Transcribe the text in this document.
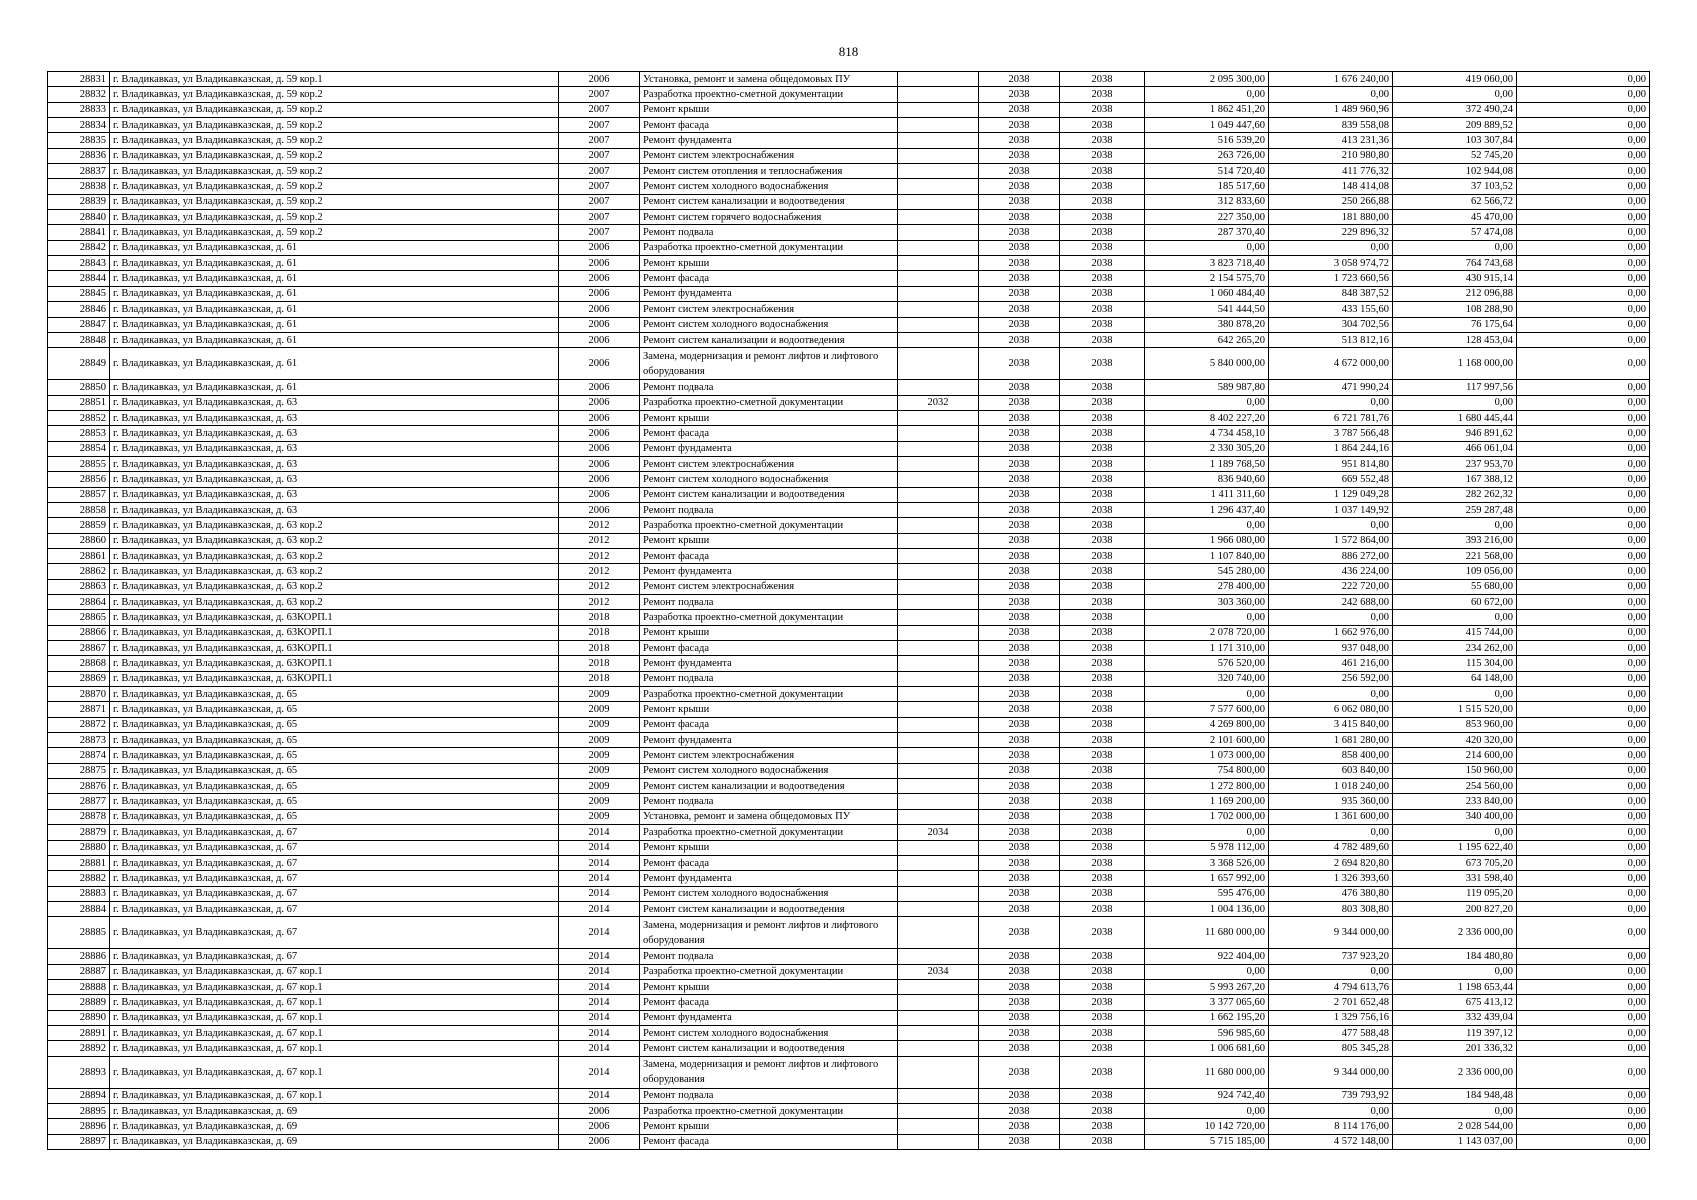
818
28831	г. Владикавказ, ул Владикавказская, д. 59 кор.1	2006	Установка, ремонт и замена общедомовых ПУ		2038	2038	2 095 300,00	1 676 240,00	419 060,00	0,00
28832	г. Владикавказ, ул Владикавказская, д. 59 кор.2	2007	Разработка проектно-сметной документации		2038	2038	0,00	0,00	0,00	0,00
28833	г. Владикавказ, ул Владикавказская, д. 59 кор.2	2007	Ремонт крыши		2038	2038	1 862 451,20	1 489 960,96	372 490,24	0,00
28834	г. Владикавказ, ул Владикавказская, д. 59 кор.2	2007	Ремонт фасада		2038	2038	1 049 447,60	839 558,08	209 889,52	0,00
28835	г. Владикавказ, ул Владикавказская, д. 59 кор.2	2007	Ремонт фундамента		2038	2038	516 539,20	413 231,36	103 307,84	0,00
28836	г. Владикавказ, ул Владикавказская, д. 59 кор.2	2007	Ремонт систем электроснабжения		2038	2038	263 726,00	210 980,80	52 745,20	0,00
28837	г. Владикавказ, ул Владикавказская, д. 59 кор.2	2007	Ремонт систем отопления и теплоснабжения		2038	2038	514 720,40	411 776,32	102 944,08	0,00
28838	г. Владикавказ, ул Владикавказская, д. 59 кор.2	2007	Ремонт систем холодного водоснабжения		2038	2038	185 517,60	148 414,08	37 103,52	0,00
28839	г. Владикавказ, ул Владикавказская, д. 59 кор.2	2007	Ремонт систем канализации и водоотведения		2038	2038	312 833,60	250 266,88	62 566,72	0,00
28840	г. Владикавказ, ул Владикавказская, д. 59 кор.2	2007	Ремонт систем горячего водоснабжения		2038	2038	227 350,00	181 880,00	45 470,00	0,00
28841	г. Владикавказ, ул Владикавказская, д. 59 кор.2	2007	Ремонт подвала		2038	2038	287 370,40	229 896,32	57 474,08	0,00
28842	г. Владикавказ, ул Владикавказская, д. 61	2006	Разработка проектно-сметной документации		2038	2038	0,00	0,00	0,00	0,00
28843	г. Владикавказ, ул Владикавказская, д. 61	2006	Ремонт крыши		2038	2038	3 823 718,40	3 058 974,72	764 743,68	0,00
28844	г. Владикавказ, ул Владикавказская, д. 61	2006	Ремонт фасада		2038	2038	2 154 575,70	1 723 660,56	430 915,14	0,00
28845	г. Владикавказ, ул Владикавказская, д. 61	2006	Ремонт фундамента		2038	2038	1 060 484,40	848 387,52	212 096,88	0,00
28846	г. Владикавказ, ул Владикавказская, д. 61	2006	Ремонт систем электроснабжения		2038	2038	541 444,50	433 155,60	108 288,90	0,00
28847	г. Владикавказ, ул Владикавказская, д. 61	2006	Ремонт систем холодного водоснабжения		2038	2038	380 878,20	304 702,56	76 175,64	0,00
28848	г. Владикавказ, ул Владикавказская, д. 61	2006	Ремонт систем канализации и водоотведения		2038	2038	642 265,20	513 812,16	128 453,04	0,00
28849	г. Владикавказ, ул Владикавказская, д. 61	2006	Замена, модернизация и ремонт лифтов и лифтового оборудования		2038	2038	5 840 000,00	4 672 000,00	1 168 000,00	0,00
28850	г. Владикавказ, ул Владикавказская, д. 61	2006	Ремонт подвала		2038	2038	589 987,80	471 990,24	117 997,56	0,00
28851	г. Владикавказ, ул Владикавказская, д. 63	2006	Разработка проектно-сметной документации	2032	2038	2038	0,00	0,00	0,00	0,00
28852	г. Владикавказ, ул Владикавказская, д. 63	2006	Ремонт крыши		2038	2038	8 402 227,20	6 721 781,76	1 680 445,44	0,00
28853	г. Владикавказ, ул Владикавказская, д. 63	2006	Ремонт фасада		2038	2038	4 734 458,10	3 787 566,48	946 891,62	0,00
28854	г. Владикавказ, ул Владикавказская, д. 63	2006	Ремонт фундамента		2038	2038	2 330 305,20	1 864 244,16	466 061,04	0,00
28855	г. Владикавказ, ул Владикавказская, д. 63	2006	Ремонт систем электроснабжения		2038	2038	1 189 768,50	951 814,80	237 953,70	0,00
28856	г. Владикавказ, ул Владикавказская, д. 63	2006	Ремонт систем холодного водоснабжения		2038	2038	836 940,60	669 552,48	167 388,12	0,00
28857	г. Владикавказ, ул Владикавказская, д. 63	2006	Ремонт систем канализации и водоотведения		2038	2038	1 411 311,60	1 129 049,28	282 262,32	0,00
28858	г. Владикавказ, ул Владикавказская, д. 63	2006	Ремонт подвала		2038	2038	1 296 437,40	1 037 149,92	259 287,48	0,00
28859	г. Владикавказ, ул Владикавказская, д. 63 кор.2	2012	Разработка проектно-сметной документации		2038	2038	0,00	0,00	0,00	0,00
28860	г. Владикавказ, ул Владикавказская, д. 63 кор.2	2012	Ремонт крыши		2038	2038	1 966 080,00	1 572 864,00	393 216,00	0,00
28861	г. Владикавказ, ул Владикавказская, д. 63 кор.2	2012	Ремонт фасада		2038	2038	1 107 840,00	886 272,00	221 568,00	0,00
28862	г. Владикавказ, ул Владикавказская, д. 63 кор.2	2012	Ремонт фундамента		2038	2038	545 280,00	436 224,00	109 056,00	0,00
28863	г. Владикавказ, ул Владикавказская, д. 63 кор.2	2012	Ремонт систем электроснабжения		2038	2038	278 400,00	222 720,00	55 680,00	0,00
28864	г. Владикавказ, ул Владикавказская, д. 63 кор.2	2012	Ремонт подвала		2038	2038	303 360,00	242 688,00	60 672,00	0,00
28865	г. Владикавказ, ул Владикавказская, д. 63КОРП.1	2018	Разработка проектно-сметной документации		2038	2038	0,00	0,00	0,00	0,00
28866	г. Владикавказ, ул Владикавказская, д. 63КОРП.1	2018	Ремонт крыши		2038	2038	2 078 720,00	1 662 976,00	415 744,00	0,00
28867	г. Владикавказ, ул Владикавказская, д. 63КОРП.1	2018	Ремонт фасада		2038	2038	1 171 310,00	937 048,00	234 262,00	0,00
28868	г. Владикавказ, ул Владикавказская, д. 63КОРП.1	2018	Ремонт фундамента		2038	2038	576 520,00	461 216,00	115 304,00	0,00
28869	г. Владикавказ, ул Владикавказская, д. 63КОРП.1	2018	Ремонт подвала		2038	2038	320 740,00	256 592,00	64 148,00	0,00
28870	г. Владикавказ, ул Владикавказская, д. 65	2009	Разработка проектно-сметной документации		2038	2038	0,00	0,00	0,00	0,00
28871	г. Владикавказ, ул Владикавказская, д. 65	2009	Ремонт крыши		2038	2038	7 577 600,00	6 062 080,00	1 515 520,00	0,00
28872	г. Владикавказ, ул Владикавказская, д. 65	2009	Ремонт фасада		2038	2038	4 269 800,00	3 415 840,00	853 960,00	0,00
28873	г. Владикавказ, ул Владикавказская, д. 65	2009	Ремонт фундамента		2038	2038	2 101 600,00	1 681 280,00	420 320,00	0,00
28874	г. Владикавказ, ул Владикавказская, д. 65	2009	Ремонт систем электроснабжения		2038	2038	1 073 000,00	858 400,00	214 600,00	0,00
28875	г. Владикавказ, ул Владикавказская, д. 65	2009	Ремонт систем холодного водоснабжения		2038	2038	754 800,00	603 840,00	150 960,00	0,00
28876	г. Владикавказ, ул Владикавказская, д. 65	2009	Ремонт систем канализации и водоотведения		2038	2038	1 272 800,00	1 018 240,00	254 560,00	0,00
28877	г. Владикавказ, ул Владикавказская, д. 65	2009	Ремонт подвала		2038	2038	1 169 200,00	935 360,00	233 840,00	0,00
28878	г. Владикавказ, ул Владикавказская, д. 65	2009	Установка, ремонт и замена общедомовых ПУ		2038	2038	1 702 000,00	1 361 600,00	340 400,00	0,00
28879	г. Владикавказ, ул Владикавказская, д. 67	2014	Разработка проектно-сметной документации	2034	2038	2038	0,00	0,00	0,00	0,00
28880	г. Владикавказ, ул Владикавказская, д. 67	2014	Ремонт крыши		2038	2038	5 978 112,00	4 782 489,60	1 195 622,40	0,00
28881	г. Владикавказ, ул Владикавказская, д. 67	2014	Ремонт фасада		2038	2038	3 368 526,00	2 694 820,80	673 705,20	0,00
28882	г. Владикавказ, ул Владикавказская, д. 67	2014	Ремонт фундамента		2038	2038	1 657 992,00	1 326 393,60	331 598,40	0,00
28883	г. Владикавказ, ул Владикавказская, д. 67	2014	Ремонт систем холодного водоснабжения		2038	2038	595 476,00	476 380,80	119 095,20	0,00
28884	г. Владикавказ, ул Владикавказская, д. 67	2014	Ремонт систем канализации и водоотведения		2038	2038	1 004 136,00	803 308,80	200 827,20	0,00
28885	г. Владикавказ, ул Владикавказская, д. 67	2014	Замена, модернизация и ремонт лифтов и лифтового оборудования		2038	2038	11 680 000,00	9 344 000,00	2 336 000,00	0,00
28886	г. Владикавказ, ул Владикавказская, д. 67	2014	Ремонт подвала		2038	2038	922 404,00	737 923,20	184 480,80	0,00
28887	г. Владикавказ, ул Владикавказская, д. 67 кор.1	2014	Разработка проектно-сметной документации	2034	2038	2038	0,00	0,00	0,00	0,00
28888	г. Владикавказ, ул Владикавказская, д. 67 кор.1	2014	Ремонт крыши		2038	2038	5 993 267,20	4 794 613,76	1 198 653,44	0,00
28889	г. Владикавказ, ул Владикавказская, д. 67 кор.1	2014	Ремонт фасада		2038	2038	3 377 065,60	2 701 652,48	675 413,12	0,00
28890	г. Владикавказ, ул Владикавказская, д. 67 кор.1	2014	Ремонт фундамента		2038	2038	1 662 195,20	1 329 756,16	332 439,04	0,00
28891	г. Владикавказ, ул Владикавказская, д. 67 кор.1	2014	Ремонт систем холодного водоснабжения		2038	2038	596 985,60	477 588,48	119 397,12	0,00
28892	г. Владикавказ, ул Владикавказская, д. 67 кор.1	2014	Ремонт систем канализации и водоотведения		2038	2038	1 006 681,60	805 345,28	201 336,32	0,00
28893	г. Владикавказ, ул Владикавказская, д. 67 кор.1	2014	Замена, модернизация и ремонт лифтов и лифтового оборудования		2038	2038	11 680 000,00	9 344 000,00	2 336 000,00	0,00
28894	г. Владикавказ, ул Владикавказская, д. 67 кор.1	2014	Ремонт подвала		2038	2038	924 742,40	739 793,92	184 948,48	0,00
28895	г. Владикавказ, ул Владикавказская, д. 69	2006	Разработка проектно-сметной документации		2038	2038	0,00	0,00	0,00	0,00
28896	г. Владикавказ, ул Владикавказская, д. 69	2006	Ремонт крыши		2038	2038	10 142 720,00	8 114 176,00	2 028 544,00	0,00
28897	г. Владикавказ, ул Владикавказская, д. 69	2006	Ремонт фасада		2038	2038	5 715 185,00	4 572 148,00	1 143 037,00	0,00
